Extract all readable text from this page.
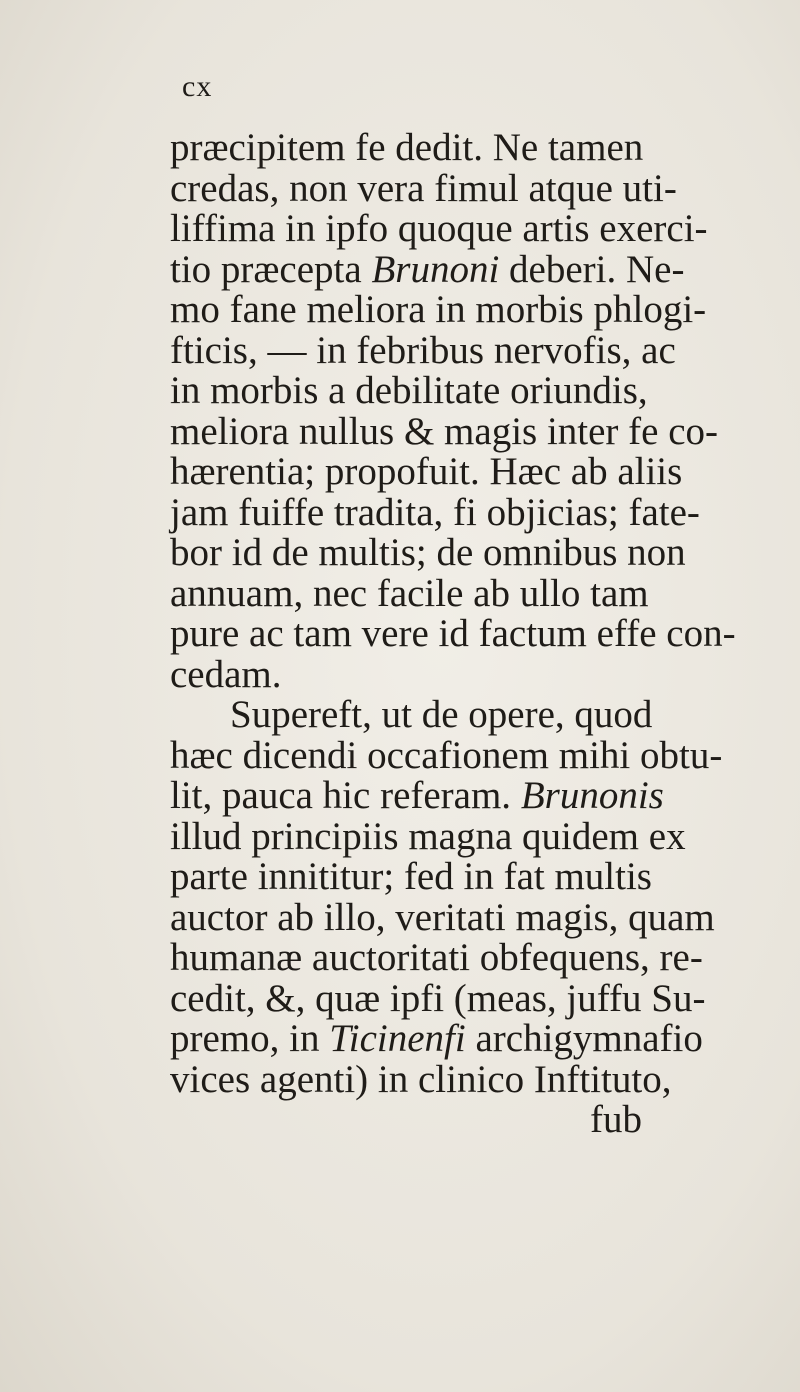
cx
præcipitem fe dedit. Ne tamen
credas, non vera fimul atque uti-
liffima in ipfo quoque artis exerci-
tio præcepta Brunoni deberi. Ne-
mo fane meliora in morbis phlogi-
fticis, — in febribus nervofis, ac
in morbis a debilitate oriundis,
meliora nullus & magis inter fe co-
hærentia; propofuit. Hæc ab aliis
jam fuiffe tradita, fi objicias; fate-
bor id de multis; de omnibus non
annuam, nec facile ab ullo tam
pure ac tam vere id factum effe con-
cedam.
Supereft, ut de opere, quod
hæc dicendi occafionem mihi obtu-
lit, pauca hic referam. Brunonis
illud principiis magna quidem ex
parte innititur; fed in fat multis
auctor ab illo, veritati magis, quam
humanæ auctoritati obfequens, re-
cedit, &, quæ ipfi (meas, juffu Su-
premo, in Ticinenfi archigymnafio
vices agenti) in clinico Inftituto,
fub
